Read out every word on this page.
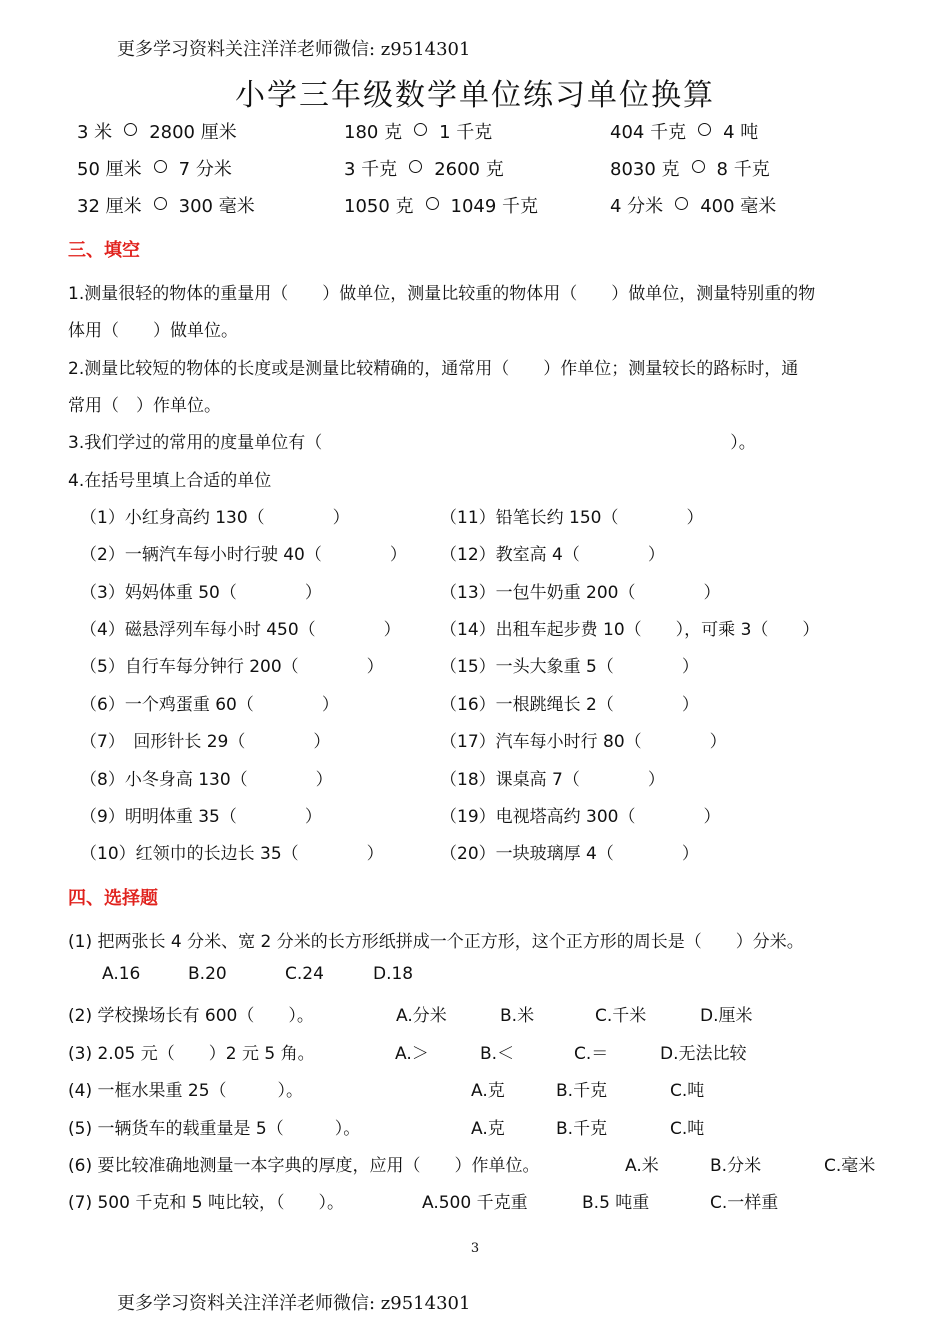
更多学习资料关注洋洋老师微信: z9514301
小学三年级数学单位练习单位换算
3 米 2800 厘米	180 克 1 千克	404 千克 4 吨
50 厘米 7 分米	3 千克 2600 克	8030 克 8 千克
32 厘米 300 毫米	1050 克 1049 千克	4 分米 400 毫米
三、填空
1.测量很轻的物体的重量用（　　）做单位，测量比较重的物体用（　　）做单位，测量特别重的物
体用（　　）做单位。
2.测量比较短的物体的长度或是测量比较精确的，通常用（　　）作单位；测量较长的路标时，通
常用（　）作单位。
3.我们学过的常用的度量单位有（　　　　　　　　　　　　　　　　　　　　　　　　）。
4.在括号里填上合适的单位
（1）小红身高约 130（　　　　）
（2）一辆汽车每小时行驶 40（　　　　）
（3）妈妈体重 50（　　　　）
（4）磁悬浮列车每小时 450（　　　　）
（5）自行车每分钟行 200（　　　　）
（6）一个鸡蛋重 60（　　　　）
（7）　回形针长 29（　　　　）
（8）小冬身高 130（　　　　）
（9）明明体重 35（　　　　）
（10）红领巾的长边长 35（　　　　）
（11）铅笔长约 150（　　　　）
（12）教室高 4（　　　　）
（13）一包牛奶重 200（　　　　）
（14）出租车起步费 10（　　），可乘 3（　　）
（15）一头大象重 5（　　　　）
（16）一根跳绳长 2（　　　　）
（17）汽车每小时行 80（　　　　）
（18）课桌高 7（　　　　）
（19）电视塔高约 300（　　　　）
（20）一块玻璃厚 4（　　　　）
四、选择题
(1) 把两张长 4 分米、宽 2 分米的长方形纸拼成一个正方形，这个正方形的周长是（　　）分米。
A.16	B.20	C.24	D.18
(2) 学校操场长有 600（　　）。	A.分米	B.米	C.千米	D.厘米
(3) 2.05 元（　　）2 元 5 角。	A.＞	B.＜	C.＝	D.无法比较
(4) 一框水果重 25（　　　）。	A.克	B.千克	C.吨
(5) 一辆货车的载重量是 5（　　　）。	A.克	B.千克	C.吨
(6) 要比较准确地测量一本字典的厚度，应用（　　）作单位。	A.米	B.分米	C.毫米
(7) 500 千克和 5 吨比较，（　　）。	A.500 千克重	B.5 吨重	C.一样重
3
更多学习资料关注洋洋老师微信: z9514301
